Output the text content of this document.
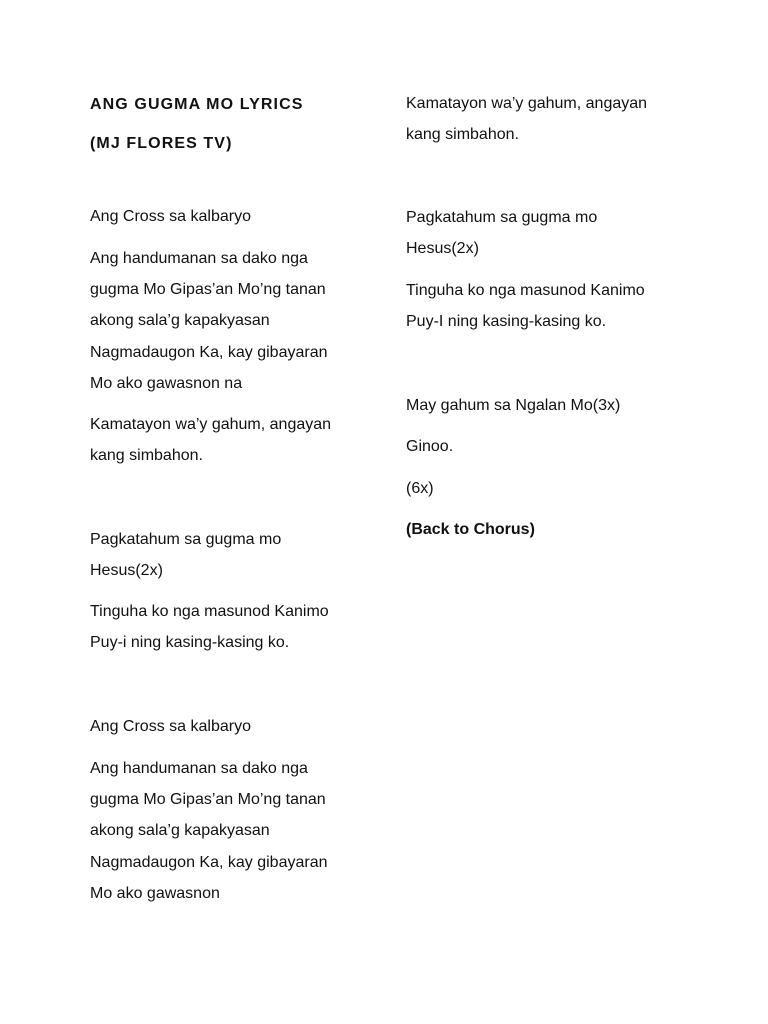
ANG GUGMA MO LYRICS
(MJ FLORES TV)
Ang Cross sa kalbaryo
Ang handumanan sa dako nga
gugma Mo Gipas’an Mo’ng tanan
akong sala’g kapakyasan
Nagmadaugon Ka, kay gibayaran
Mo ako gawasnon na
Kamatayon wa’y gahum, angayan
kang simbahon.
Pagkatahum sa gugma mo
Hesus(2x)
Tinguha ko nga masunod Kanimo
Puy-i ning kasing-kasing ko.
Ang Cross sa kalbaryo
Ang handumanan sa dako nga
gugma Mo Gipas’an Mo’ng tanan
akong sala’g kapakyasan
Nagmadaugon Ka, kay gibayaran
Mo ako gawasnon
Kamatayon wa’y gahum, angayan
kang simbahon.
Pagkatahum sa gugma mo
Hesus(2x)
Tinguha ko nga masunod Kanimo
Puy-I ning kasing-kasing ko.
May gahum sa Ngalan Mo(3x)
Ginoo.
(6x)
(Back to Chorus)
